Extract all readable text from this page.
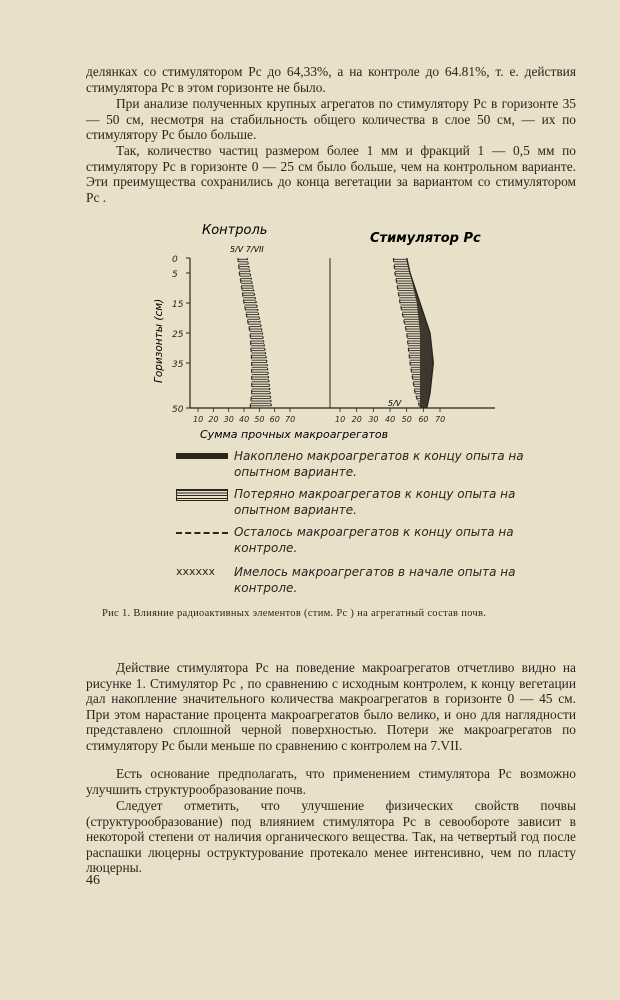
делянках со стимулятором Pс до 64,33%, а на контроле до 64.81%, т. е. действия стимулятора Pс в этом горизонте не было.

При анализе полученных крупных агрегатов по стимулятору Pс в горизонте 35 — 50 см, несмотря на стабильность общего количества в слое 50 см, — их по стимулятору Pс было больше.

Так, количество частиц размером более 1 мм и фракций 1 — 0,5 мм по стимулятору Pс в горизонте 0 — 25 см было больше, чем на контрольном варианте. Эти преимущества сохранились до конца вегетации за вариантом со стимулятором Pс .

Контроль
5/V 7/VII
Стимулятор Pс
5/V
Горизонты (см)
0
5
15
25
35
50
10 20 30 40 50 60 70	10 20 30 40 50 60 70
Сумма прочных макроагрегатов
Накоплено макроагрегатов к концу опыта на опытном варианте.
Потеряно макроагрегатов к концу опыта на опытном варианте.
Осталось макроагрегатов к концу опыта на контроле.
xxxxxx	Имелось макроагрегатов в начале опыта на контроле.
Рис 1. Влияние радиоактивных элементов (стим. Pс ) на агрегатный состав почв.

Действие стимулятора Pс на поведение макроагрегатов отчетливо видно на рисунке 1. Стимулятор Pс , по сравнению с исходным контролем, к концу вегетации дал накопление значительного количества макроагрегатов в горизонте 0 — 45 см. При этом нарастание процента макроагрегатов было велико, и оно для наглядности представлено сплошной черной поверхностью. Потери же макроагрегатов по стимулятору Pс были меньше по сравнению с контролем на 7.VII.

Есть основание предполагать, что применением стимулятора Pс возможно улучшить структурообразование почв.

Следует отметить, что улучшение физических свойств почвы (структурообразование) под влиянием стимулятора Pс в севообороте зависит в некоторой степени от наличия органического вещества. Так, на четвертый год после распашки люцерны оструктурование протекало менее интенсивно, чем по пласту люцерны.

46
